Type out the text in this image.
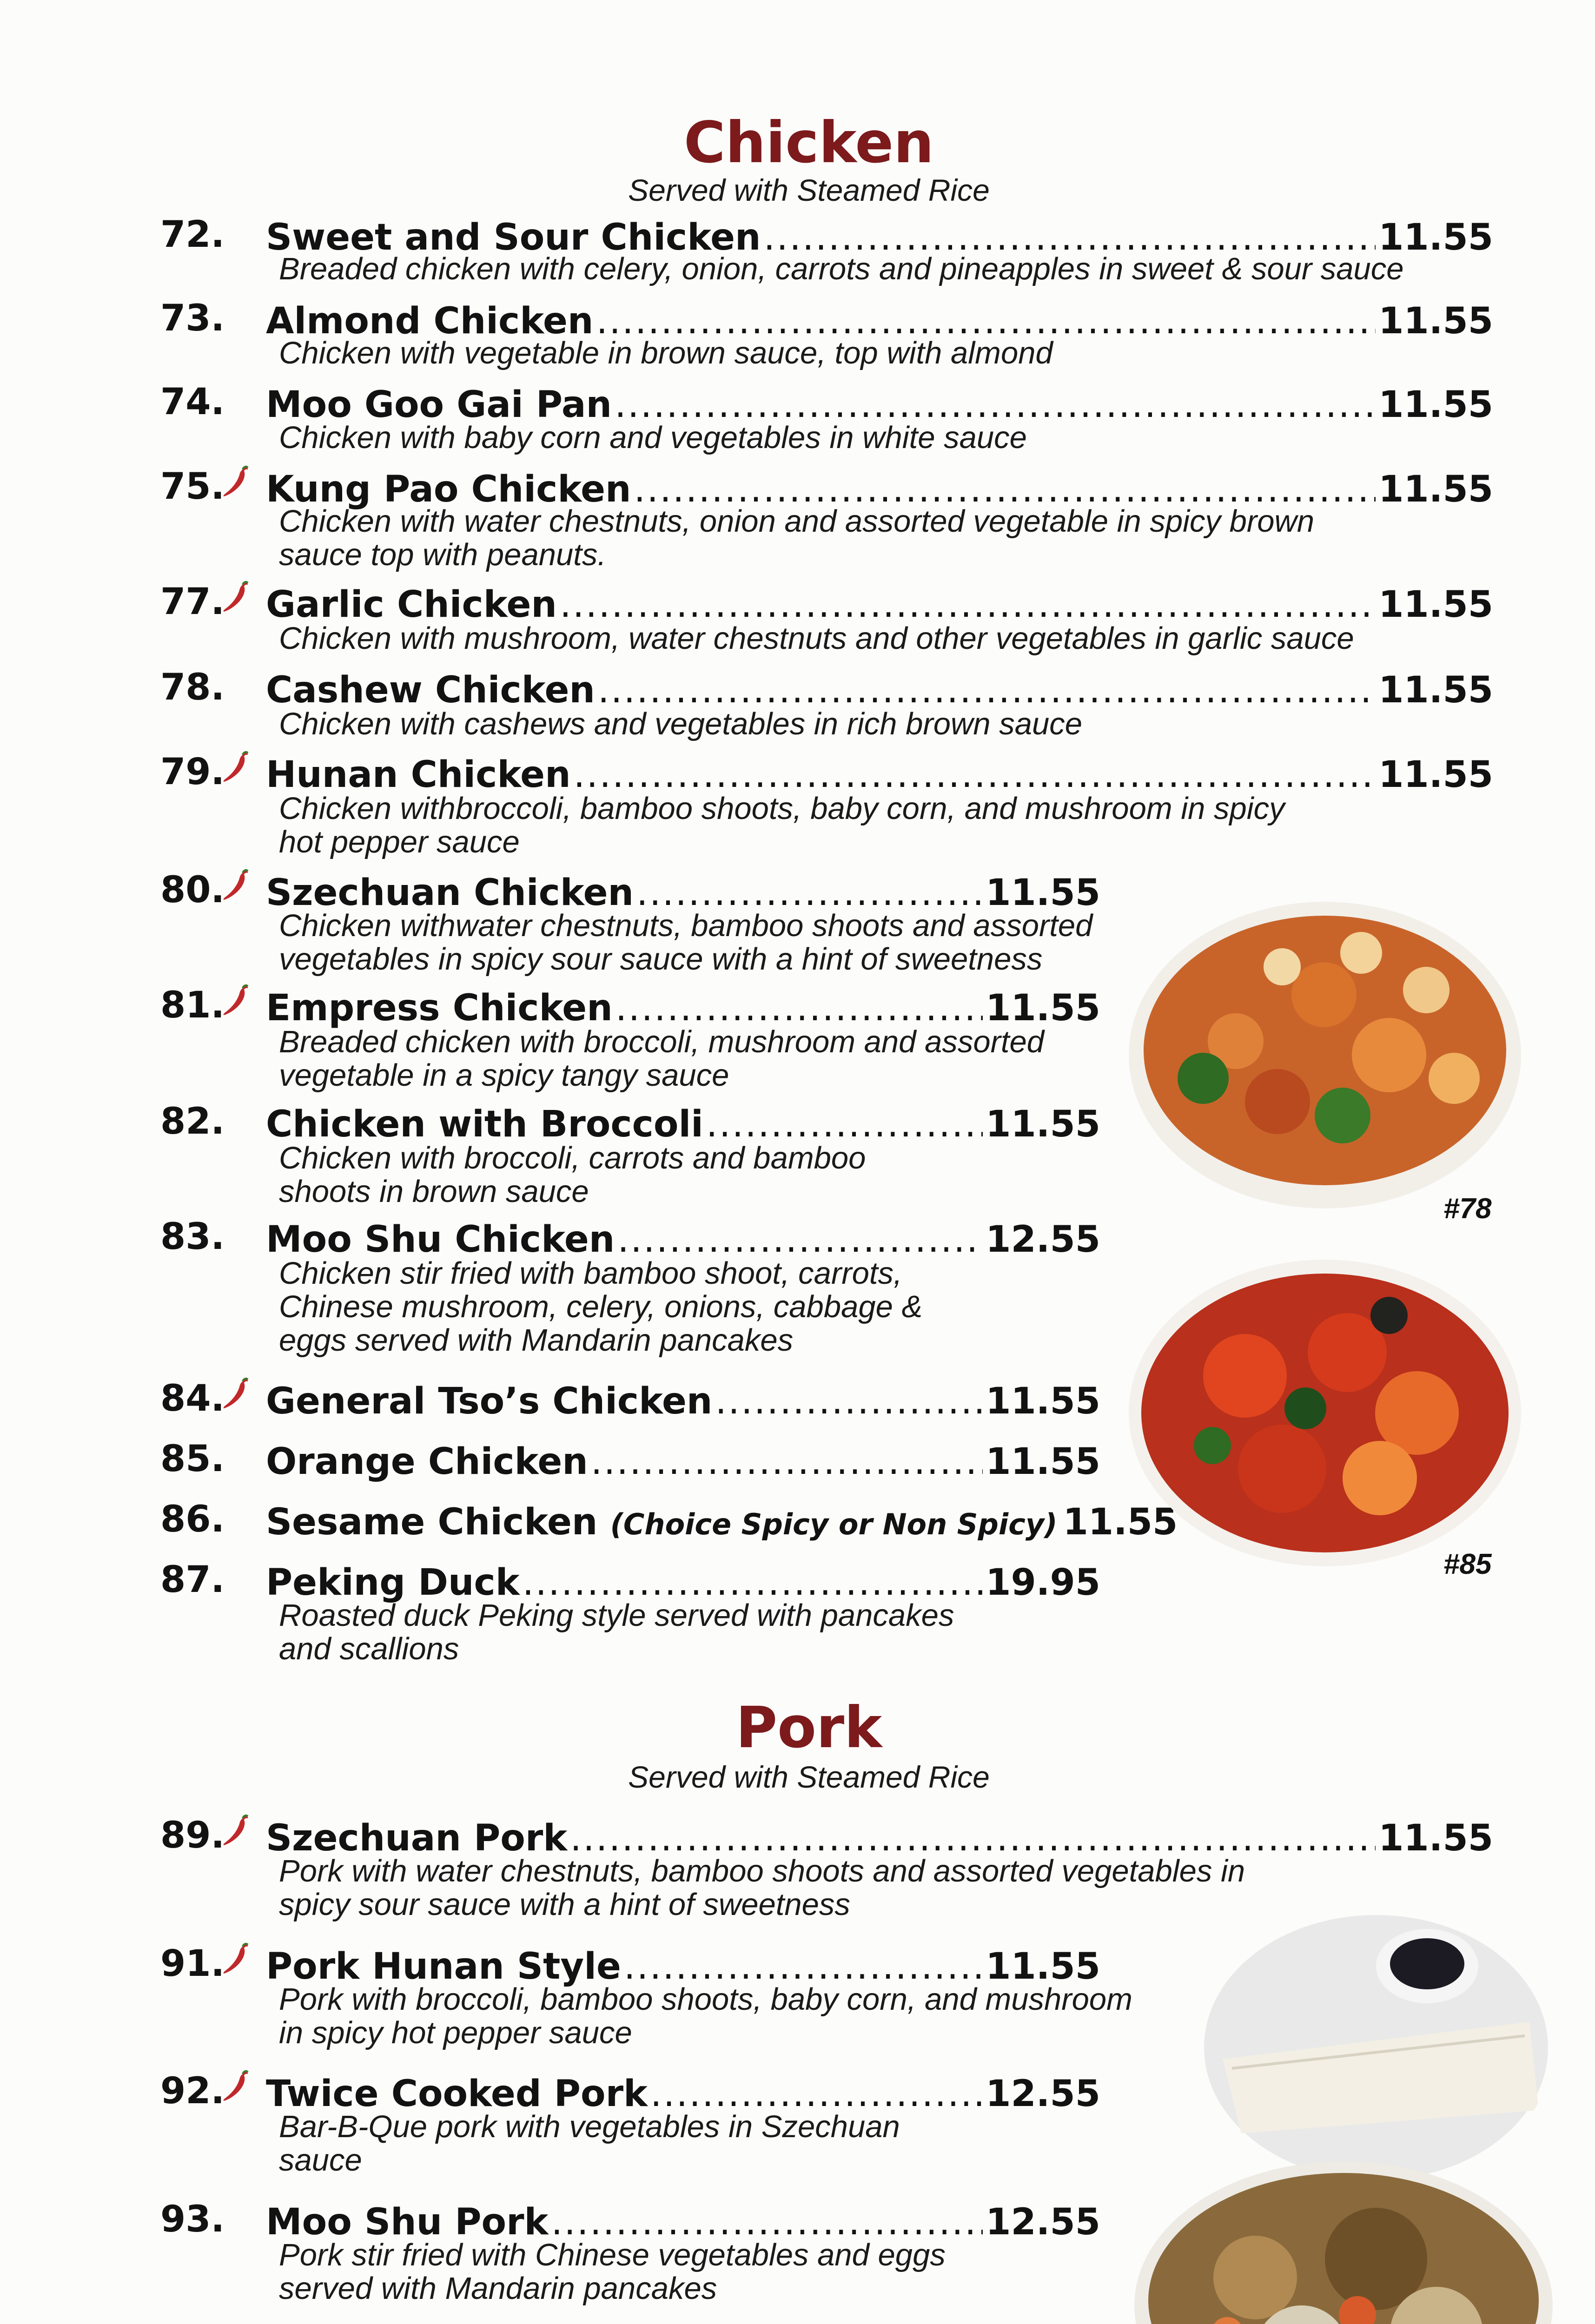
Chicken
Served with Steamed Rice
72. Sweet and Sour Chicken .....	11.55
Breaded chicken with celery, onion, carrots and pineapples in sweet & sour sauce
73. Almond Chicken .....	11.55
Chicken with vegetable in brown sauce, top with almond
74. Moo Goo Gai Pan .....	11.55
Chicken with baby corn and vegetables in white sauce
75. Kung Pao Chicken .....	11.55
Chicken with water chestnuts, onion and assorted vegetable in spicy brown
sauce top with peanuts.
77. Garlic Chicken .....	11.55
Chicken with mushroom, water chestnuts and other vegetables in garlic sauce
78. Cashew Chicken .....	11.55
Chicken with cashews and vegetables in rich brown sauce
79. Hunan Chicken .....	11.55
Chicken withbroccoli, bamboo shoots, baby corn, and mushroom in spicy
hot pepper sauce
80. Szechuan Chicken .....	11.55
Chicken withwater chestnuts, bamboo shoots and assorted
vegetables in spicy sour sauce with a hint of sweetness
81. Empress Chicken .....	11.55
Breaded chicken with broccoli, mushroom and assorted
vegetable in a spicy tangy sauce
82. Chicken with Broccoli .....	11.55
Chicken with broccoli, carrots and bamboo
shoots in brown sauce
83. Moo Shu Chicken .....	12.55
Chicken stir fried with bamboo shoot, carrots,
Chinese mushroom, celery, onions, cabbage &
eggs served with Mandarin pancakes
84. General Tso’s Chicken .....	11.55
85. Orange Chicken .....	11.55
86. Sesame Chicken (Choice Spicy or Non Spicy) 11.55
87. Peking Duck .....	19.95
Roasted duck Peking style served with pancakes
and scallions
#78
#85
Pork
Served with Steamed Rice
89. Szechuan Pork .....	11.55
Pork with water chestnuts, bamboo shoots and assorted vegetables in
spicy sour sauce with a hint of sweetness
91. Pork Hunan Style .....	11.55
Pork with broccoli, bamboo shoots, baby corn, and mushroom
in spicy hot pepper sauce
92. Twice Cooked Pork .....	12.55
Bar-B-Que pork with vegetables in Szechuan
sauce
93. Moo Shu Pork .....	12.55
Pork stir fried with Chinese vegetables and eggs
served with Mandarin pancakes
